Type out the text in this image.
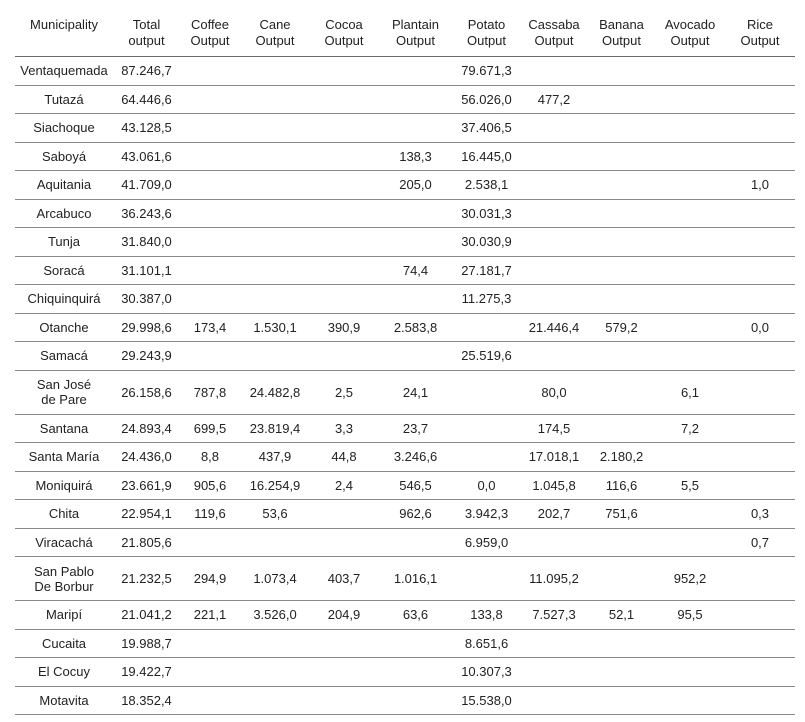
Municipality	Total output	Coffee Output	Cane Output	Cocoa Output	Plantain Output	Potato Output	Cassaba Output	Banana Output	Avocado Output	Rice Output
Ventaquemada	87.246,7					79.671,3				
Tutazá	64.446,6					56.026,0	477,2			
Siachoque	43.128,5					37.406,5				
Saboyá	43.061,6				138,3	16.445,0				
Aquitania	41.709,0				205,0	2.538,1				1,0
Arcabuco	36.243,6					30.031,3				
Tunja	31.840,0					30.030,9				
Soracá	31.101,1				74,4	27.181,7				
Chiquinquirá	30.387,0					11.275,3				
Otanche	29.998,6	173,4	1.530,1	390,9	2.583,8		21.446,4	579,2		0,0
Samacá	29.243,9					25.519,6				
San José de Pare	26.158,6	787,8	24.482,8	2,5	24,1		80,0		6,1	
Santana	24.893,4	699,5	23.819,4	3,3	23,7		174,5		7,2	
Santa María	24.436,0	8,8	437,9	44,8	3.246,6		17.018,1	2.180,2		
Moniquirá	23.661,9	905,6	16.254,9	2,4	546,5	0,0	1.045,8	116,6	5,5	
Chita	22.954,1	119,6	53,6		962,6	3.942,3	202,7	751,6		0,3
Viracachá	21.805,6					6.959,0				0,7
San Pablo De Borbur	21.232,5	294,9	1.073,4	403,7	1.016,1		11.095,2		952,2	
Maripí	21.041,2	221,1	3.526,0	204,9	63,6	133,8	7.527,3	52,1	95,5	
Cucaita	19.988,7					8.651,6				
El Cocuy	19.422,7					10.307,3				
Motavita	18.352,4					15.538,0				
